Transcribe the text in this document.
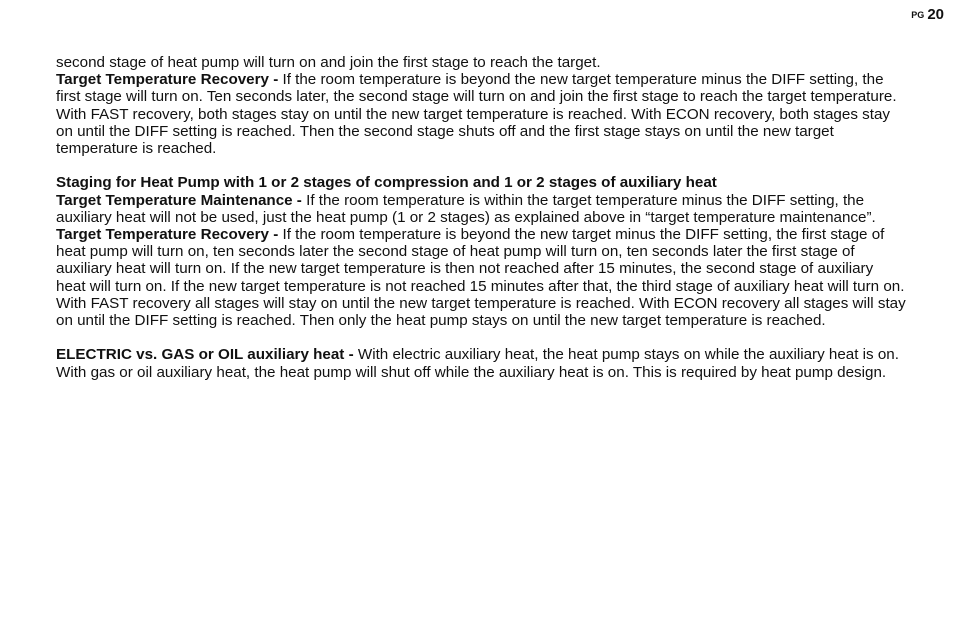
PG 20

second stage of heat pump will turn on and join the first stage to reach the target.

Target Temperature Recovery - If the room temperature is beyond the new target temperature minus the DIFF setting, the first stage will turn on. Ten seconds later, the second stage will turn on and join the first stage to reach the target temperature.

With FAST recovery, both stages stay on until the new target temperature is reached. With ECON recovery, both stages stay on until the DIFF setting is reached. Then the second stage shuts off and the first stage stays on until the new target temperature is reached.

Staging for Heat Pump with 1 or 2 stages of compression and 1 or 2 stages of auxiliary heat

Target Temperature Maintenance - If the room temperature is within the target temperature minus the DIFF setting, the auxiliary heat will not be used, just the heat pump (1 or 2 stages) as explained above in “target temperature maintenance”.

Target Temperature Recovery - If the room temperature is beyond the new target minus the DIFF setting, the first stage of heat pump will turn on, ten seconds later the second stage of heat pump will turn on, ten seconds later the first stage of auxiliary heat will turn on. If the new target temperature is then not reached after 15 minutes, the second stage of auxiliary heat will turn on. If the new target temperature is not reached 15 minutes after that, the third stage of auxiliary heat will turn on.

With FAST recovery all stages will stay on until the new target temperature is reached. With ECON recovery all stages will stay on until the DIFF setting is reached. Then only the heat pump stays on until the new target temperature is reached.

ELECTRIC vs. GAS or OIL auxiliary heat - With electric auxiliary heat, the heat pump stays on while the auxiliary heat is on. With gas or oil auxiliary heat, the heat pump will shut off while the auxiliary heat is on. This is required by heat pump design.
